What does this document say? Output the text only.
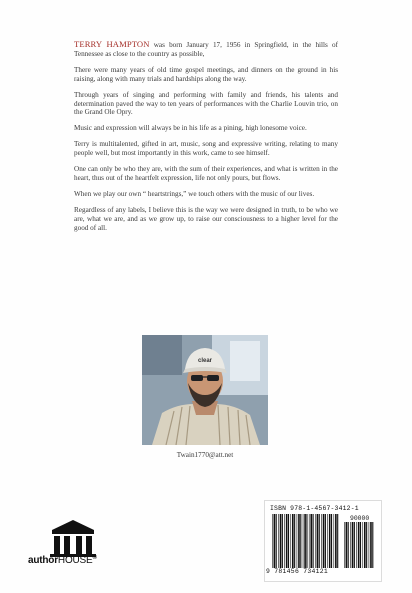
TERRY HAMPTON was born January 17, 1956 in Springfield, in the hills of Tennessee as close to the country as possible,

There were many years of old time gospel meetings, and dinners on the ground in his raising, along with many trials and hardships along the way.

Through years of singing and performing with family and friends, his talents and determination paved the way to ten years of performances with the Charlie Louvin trio, on the Grand Ole Opry.

Music and expression will always be in his life as a pining, high lonesome voice.

Terry is multitalented, gifted in art, music, song and expressive writing, relating to many people well, but most importantly in this work, came to see himself.

One can only be who they are, with the sum of their experiences, and what is written in the heart, thus out of the heartfelt expression, life not only pours, but flows.

When we play our own “ heartstrings,” we touch others with the music of our lives.

Regardless of any labels, I believe this is the way we were designed in truth, to be who we are, what we are, and as we grow up, to raise our consciousness to a higher level for the good of all.

clear
Twain1770@att.net
authorHOUSE®
ISBN 978-1-4567-3412-1
90000
9 781456 734121
